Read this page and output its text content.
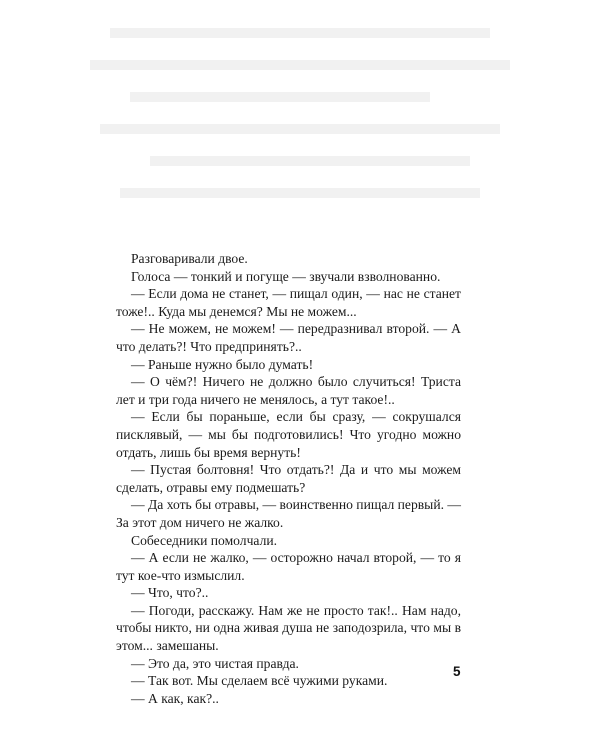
Разговаривали двое.

Голоса — тонкий и погуще — звучали взволнованно.

— Если дома не станет, — пищал один, — нас не станет тоже!.. Куда мы денемся? Мы не можем...

— Не можем, не можем! — передразнивал второй. — А что делать?! Что предпринять?..

— Раньше нужно было думать!

— О чём?! Ничего не должно было случиться! Триста лет и три года ничего не менялось, а тут такое!..

— Если бы пораньше, если бы сразу, — сокрушался писклявый, — мы бы подготовились! Что угодно можно отдать, лишь бы время вернуть!

— Пустая болтовня! Что отдать?! Да и что мы можем сделать, отравы ему подмешать?

— Да хоть бы отравы, — воинственно пищал первый. — За этот дом ничего не жалко.

Собеседники помолчали.

— А если не жалко, — осторожно начал второй, — то я тут кое-что измыслил.

— Что, что?..

— Погоди, расскажу. Нам же не просто так!.. Нам надо, чтобы никто, ни одна живая душа не заподозрила, что мы в этом... замешаны.

— Это да, это чистая правда.

— Так вот. Мы сделаем всё чужими руками.

— А как, как?..

5
